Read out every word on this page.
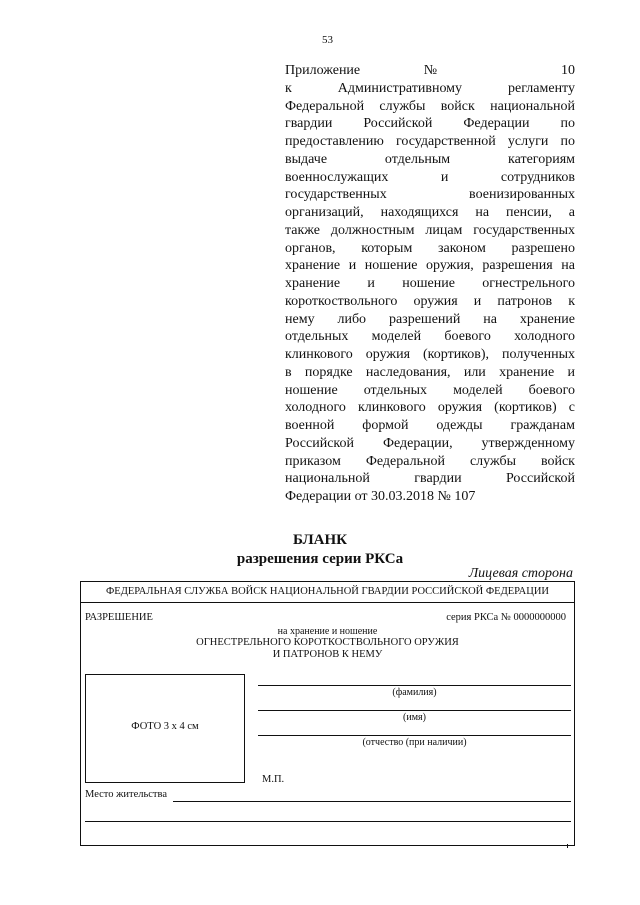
53
Приложение № 10
к Административному регламенту
Федеральной службы войск национальной
гвардии Российской Федерации по
предоставлению государственной услуги по
выдаче отдельным категориям
военнослужащих и сотрудников
государственных военизированных
организаций, находящихся на пенсии, а
также должностным лицам государственных
органов, которым законом разрешено
хранение и ношение оружия, разрешения на
хранение и ношение огнестрельного
короткоствольного оружия и патронов к
нему либо разрешений на хранение
отдельных моделей боевого холодного
клинкового оружия (кортиков), полученных
в порядке наследования, или хранение и
ношение отдельных моделей боевого
холодного клинкового оружия (кортиков) с
военной формой одежды гражданам
Российской Федерации, утвержденному
приказом Федеральной службы войск
национальной гвардии Российской
Федерации от 30.03.2018 № 107
БЛАНК
разрешения серии РКСа
Лицевая сторона
ФЕДЕРАЛЬНАЯ СЛУЖБА ВОЙСК НАЦИОНАЛЬНОЙ ГВАРДИИ РОССИЙСКОЙ ФЕДЕРАЦИИ
РАЗРЕШЕНИЕ	серия РКСа № 0000000000
на хранение и ношение
ОГНЕСТРЕЛЬНОГО КОРОТКОСТВОЛЬНОГО ОРУЖИЯ
И ПАТРОНОВ К НЕМУ
ФОТО 3 х 4 см
(фамилия)
(имя)
(отчество (при наличии)
М.П.
Место жительства
